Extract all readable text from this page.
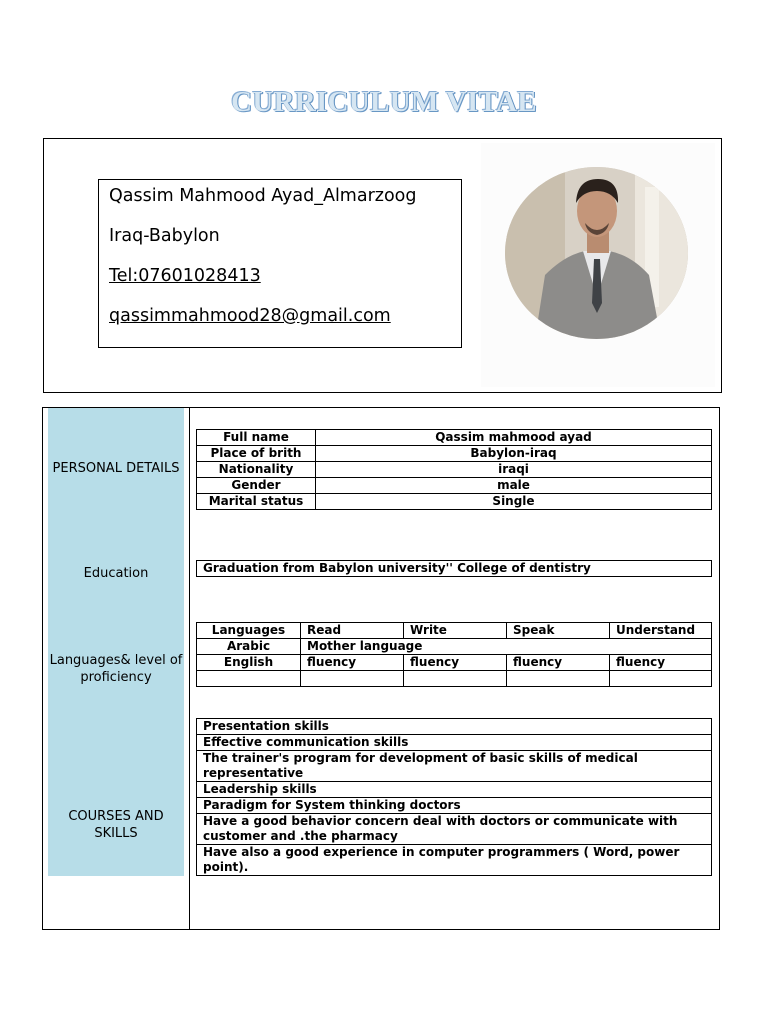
CURRICULUM VITAE
Qassim Mahmood Ayad_Almarzoog
Iraq-Babylon
Tel:07601028413
qassimmahmood28@gmail.com
PERSONAL DETAILS
Education
Languages& level of proficiency
COURSES AND SKILLS
Full name	Qassim mahmood ayad
Place of brith	Babylon-iraq
Nationality	iraqi
Gender	male
Marital status	Single
Graduation from Babylon university'' College of dentistry
Languages	Read	Write	Speak	Understand
Arabic	Mother language			
English	fluency	fluency	fluency	fluency

Presentation skills
Effective communication skills
The trainer's program for development of basic skills of medical representative
Leadership skills
Paradigm for System thinking doctors
Have a good behavior concern deal with doctors or communicate with customer and .the pharmacy
Have also a good experience in computer programmers ( Word, power point).
